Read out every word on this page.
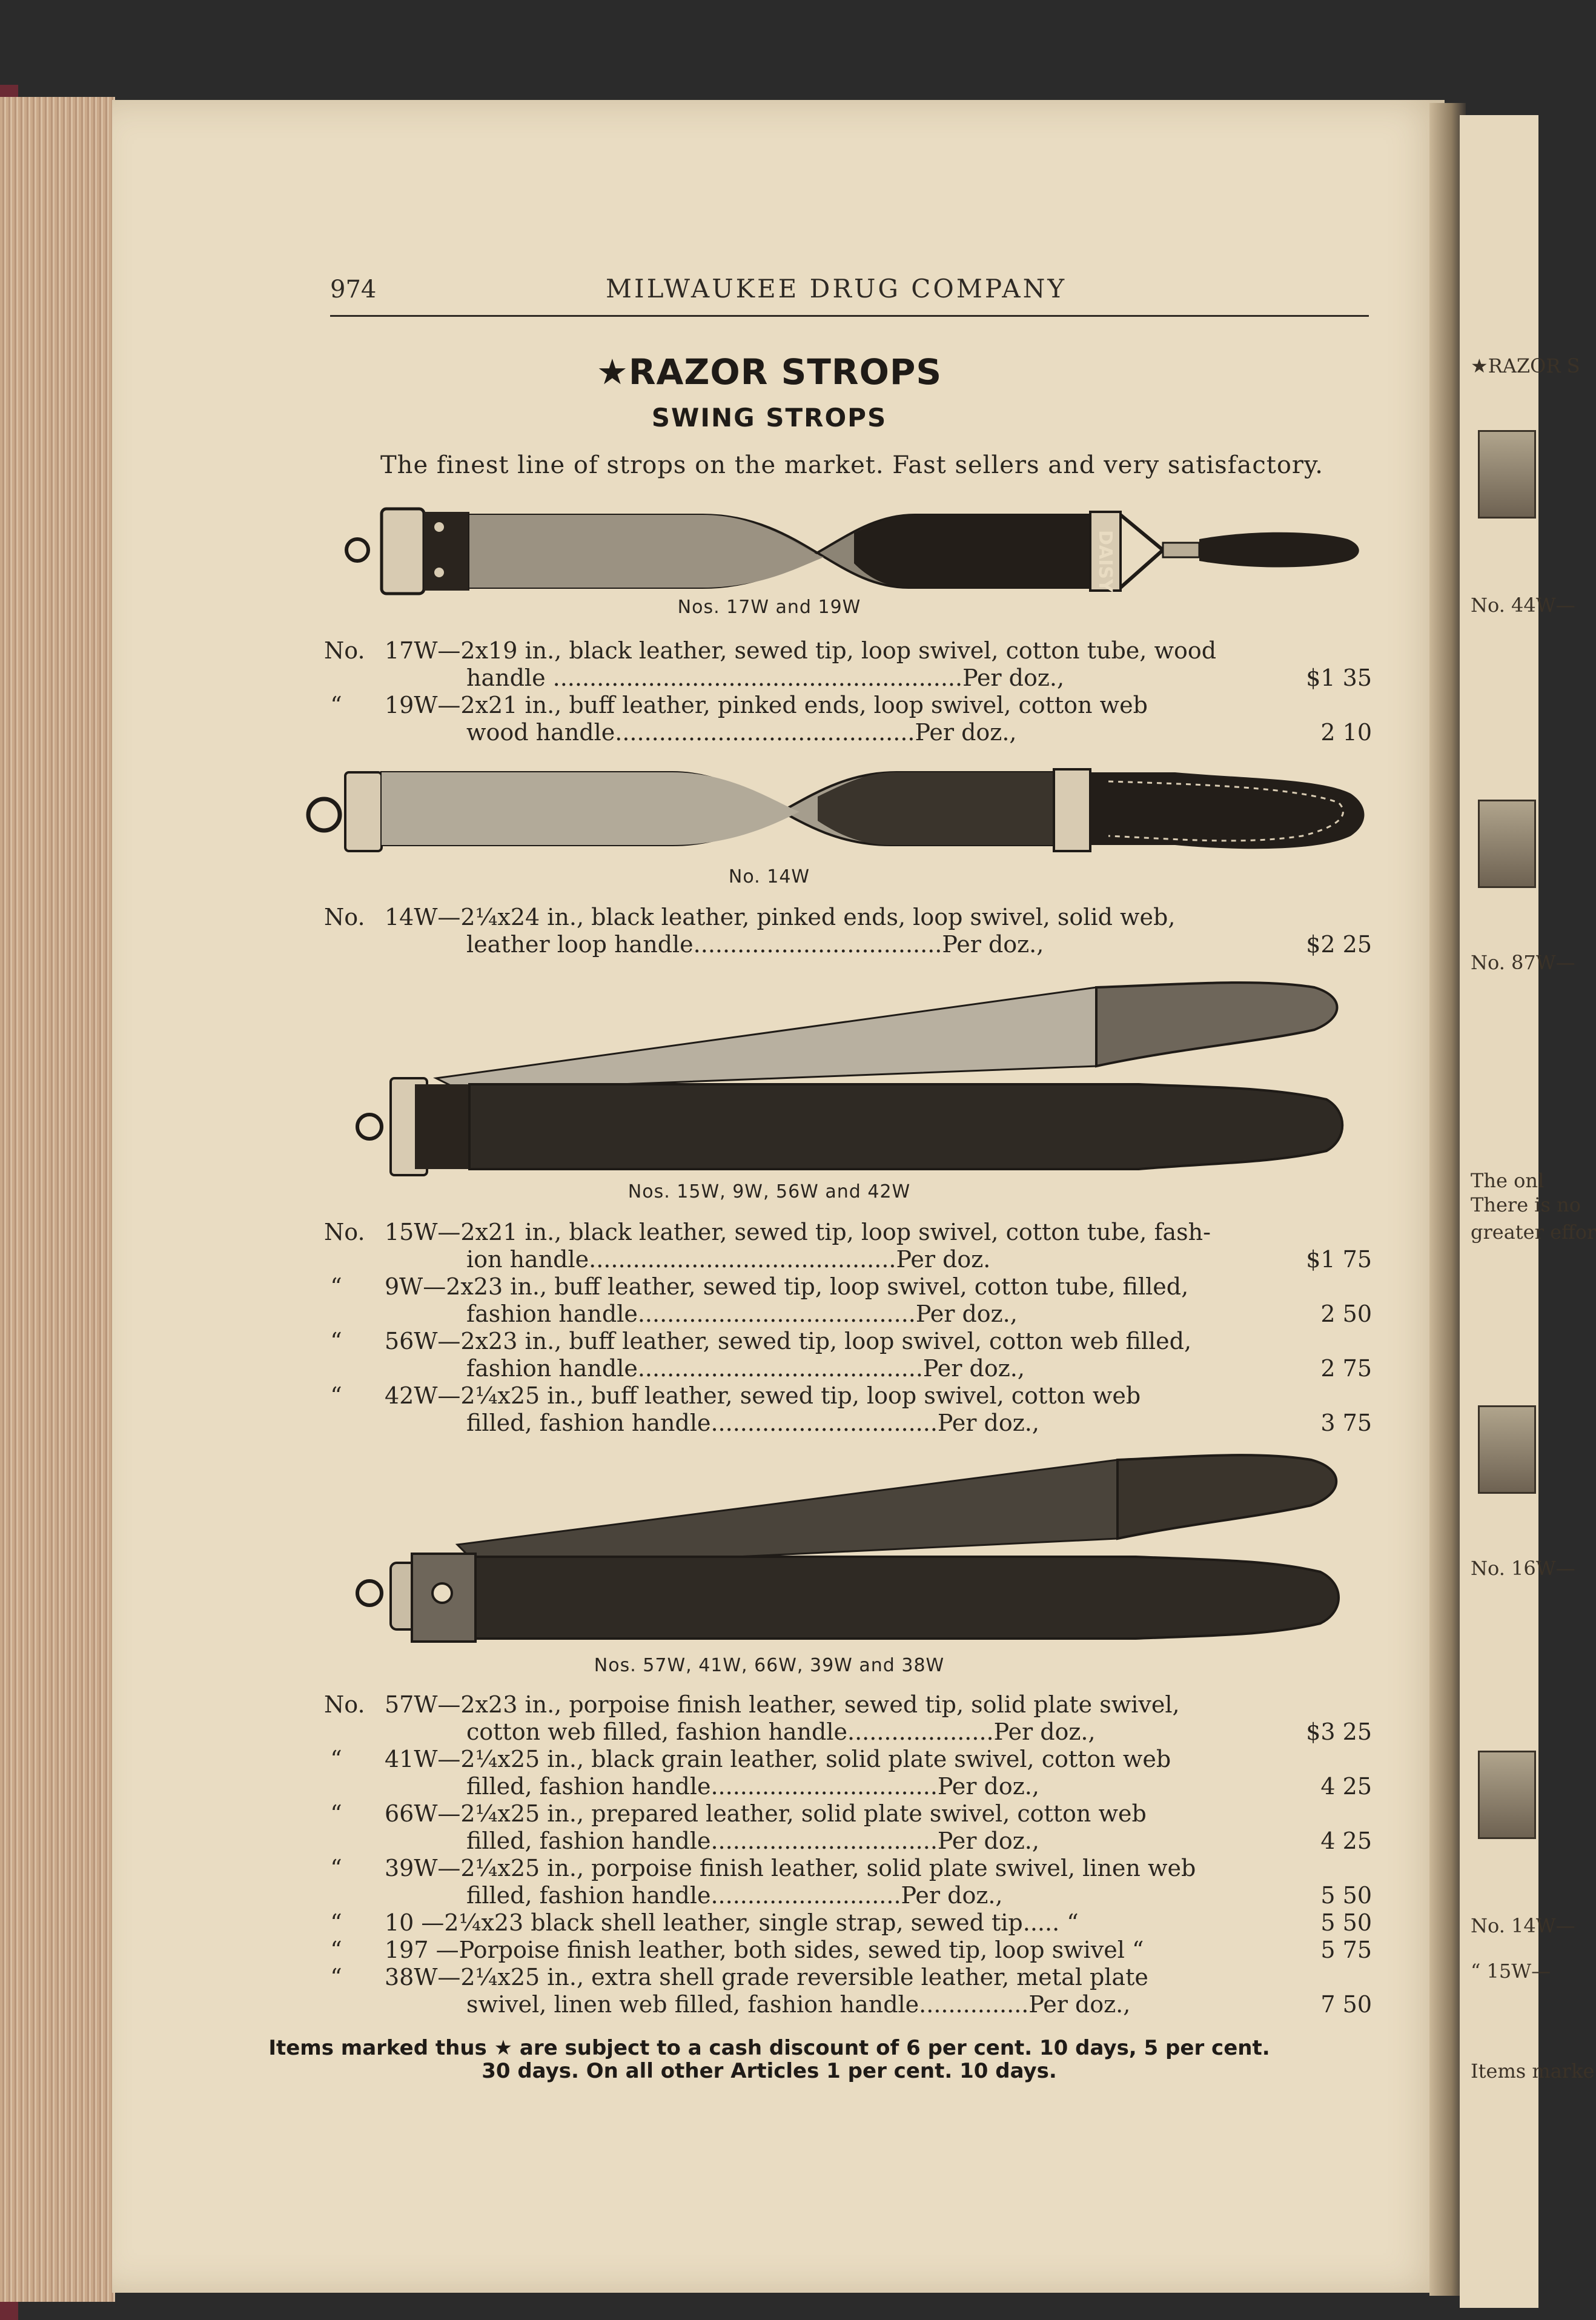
★RAZOR S
No. 44W—
No. 87W—
The onl
There is no
greater effor
No. 16W—
No. 14W—
“ 15W—
Items marke
974	MILWAUKEE DRUG COMPANY
★RAZOR STROPS
SWING STROPS
The finest line of strops on the market. Fast sellers and very satisfactory.
DAISY
Nos. 17W and 19W
No. 17W—2x19 in., black leather, sewed tip, loop swivel, cotton tube, wood
handle ........................................................Per doz.,	$1 35
“ 19W—2x21 in., buff leather, pinked ends, loop swivel, cotton web
wood handle.........................................Per doz.,	2 10
No. 14W
No. 14W—2¼x24 in., black leather, pinked ends, loop swivel, solid web,
leather loop handle..................................Per doz.,	$2 25
Nos. 15W, 9W, 56W and 42W
No. 15W—2x21 in., black leather, sewed tip, loop swivel, cotton tube, fash-
ion handle..........................................Per doz.	$1 75
“ 9W—2x23 in., buff leather, sewed tip, loop swivel, cotton tube, filled,
fashion handle......................................Per doz.,	2 50
“ 56W—2x23 in., buff leather, sewed tip, loop swivel, cotton web filled,
fashion handle.......................................Per doz.,	2 75
“ 42W—2¼x25 in., buff leather, sewed tip, loop swivel, cotton web
filled, fashion handle...............................Per doz.,	3 75
Nos. 57W, 41W, 66W, 39W and 38W
No. 57W—2x23 in., porpoise finish leather, sewed tip, solid plate swivel,
cotton web filled, fashion handle....................Per doz.,	$3 25
“ 41W—2¼x25 in., black grain leather, solid plate swivel, cotton web
filled, fashion handle...............................Per doz.,	4 25
“ 66W—2¼x25 in., prepared leather, solid plate swivel, cotton web
filled, fashion handle...............................Per doz.,	4 25
“ 39W—2¼x25 in., porpoise finish leather, solid plate swivel, linen web
filled, fashion handle..........................Per doz.,	5 50
“ 10 —2¼x23 black shell leather, single strap, sewed tip..... “	5 50
“ 197 —Porpoise finish leather, both sides, sewed tip, loop swivel “	5 75
“ 38W—2¼x25 in., extra shell grade reversible leather, metal plate
swivel, linen web filled, fashion handle...............Per doz.,	7 50
Items marked thus ★ are subject to a cash discount of 6 per cent. 10 days, 5 per cent.
30 days. On all other Articles 1 per cent. 10 days.
